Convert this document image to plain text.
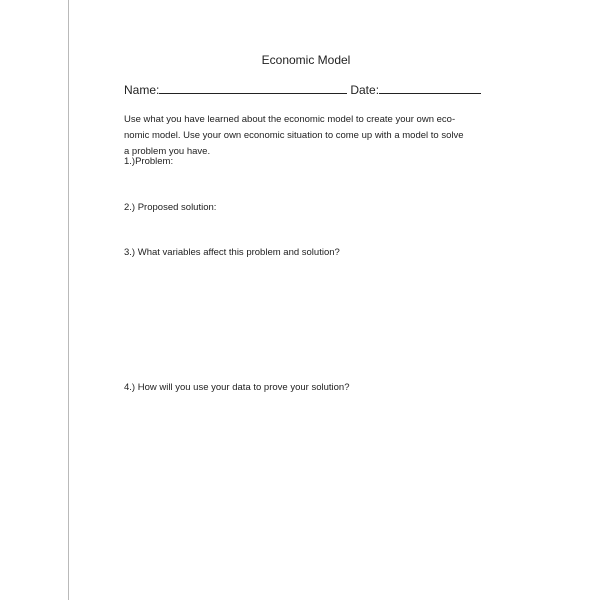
Economic Model
Name:	Date:

Use what you have learned about the economic model to create your own eco-
nomic model. Use your own economic situation to come up with a model to solve
a problem you have.

1.)Problem:
2.) Proposed solution:
3.) What variables affect this problem and solution?
4.) How will you use your data to prove your solution?
